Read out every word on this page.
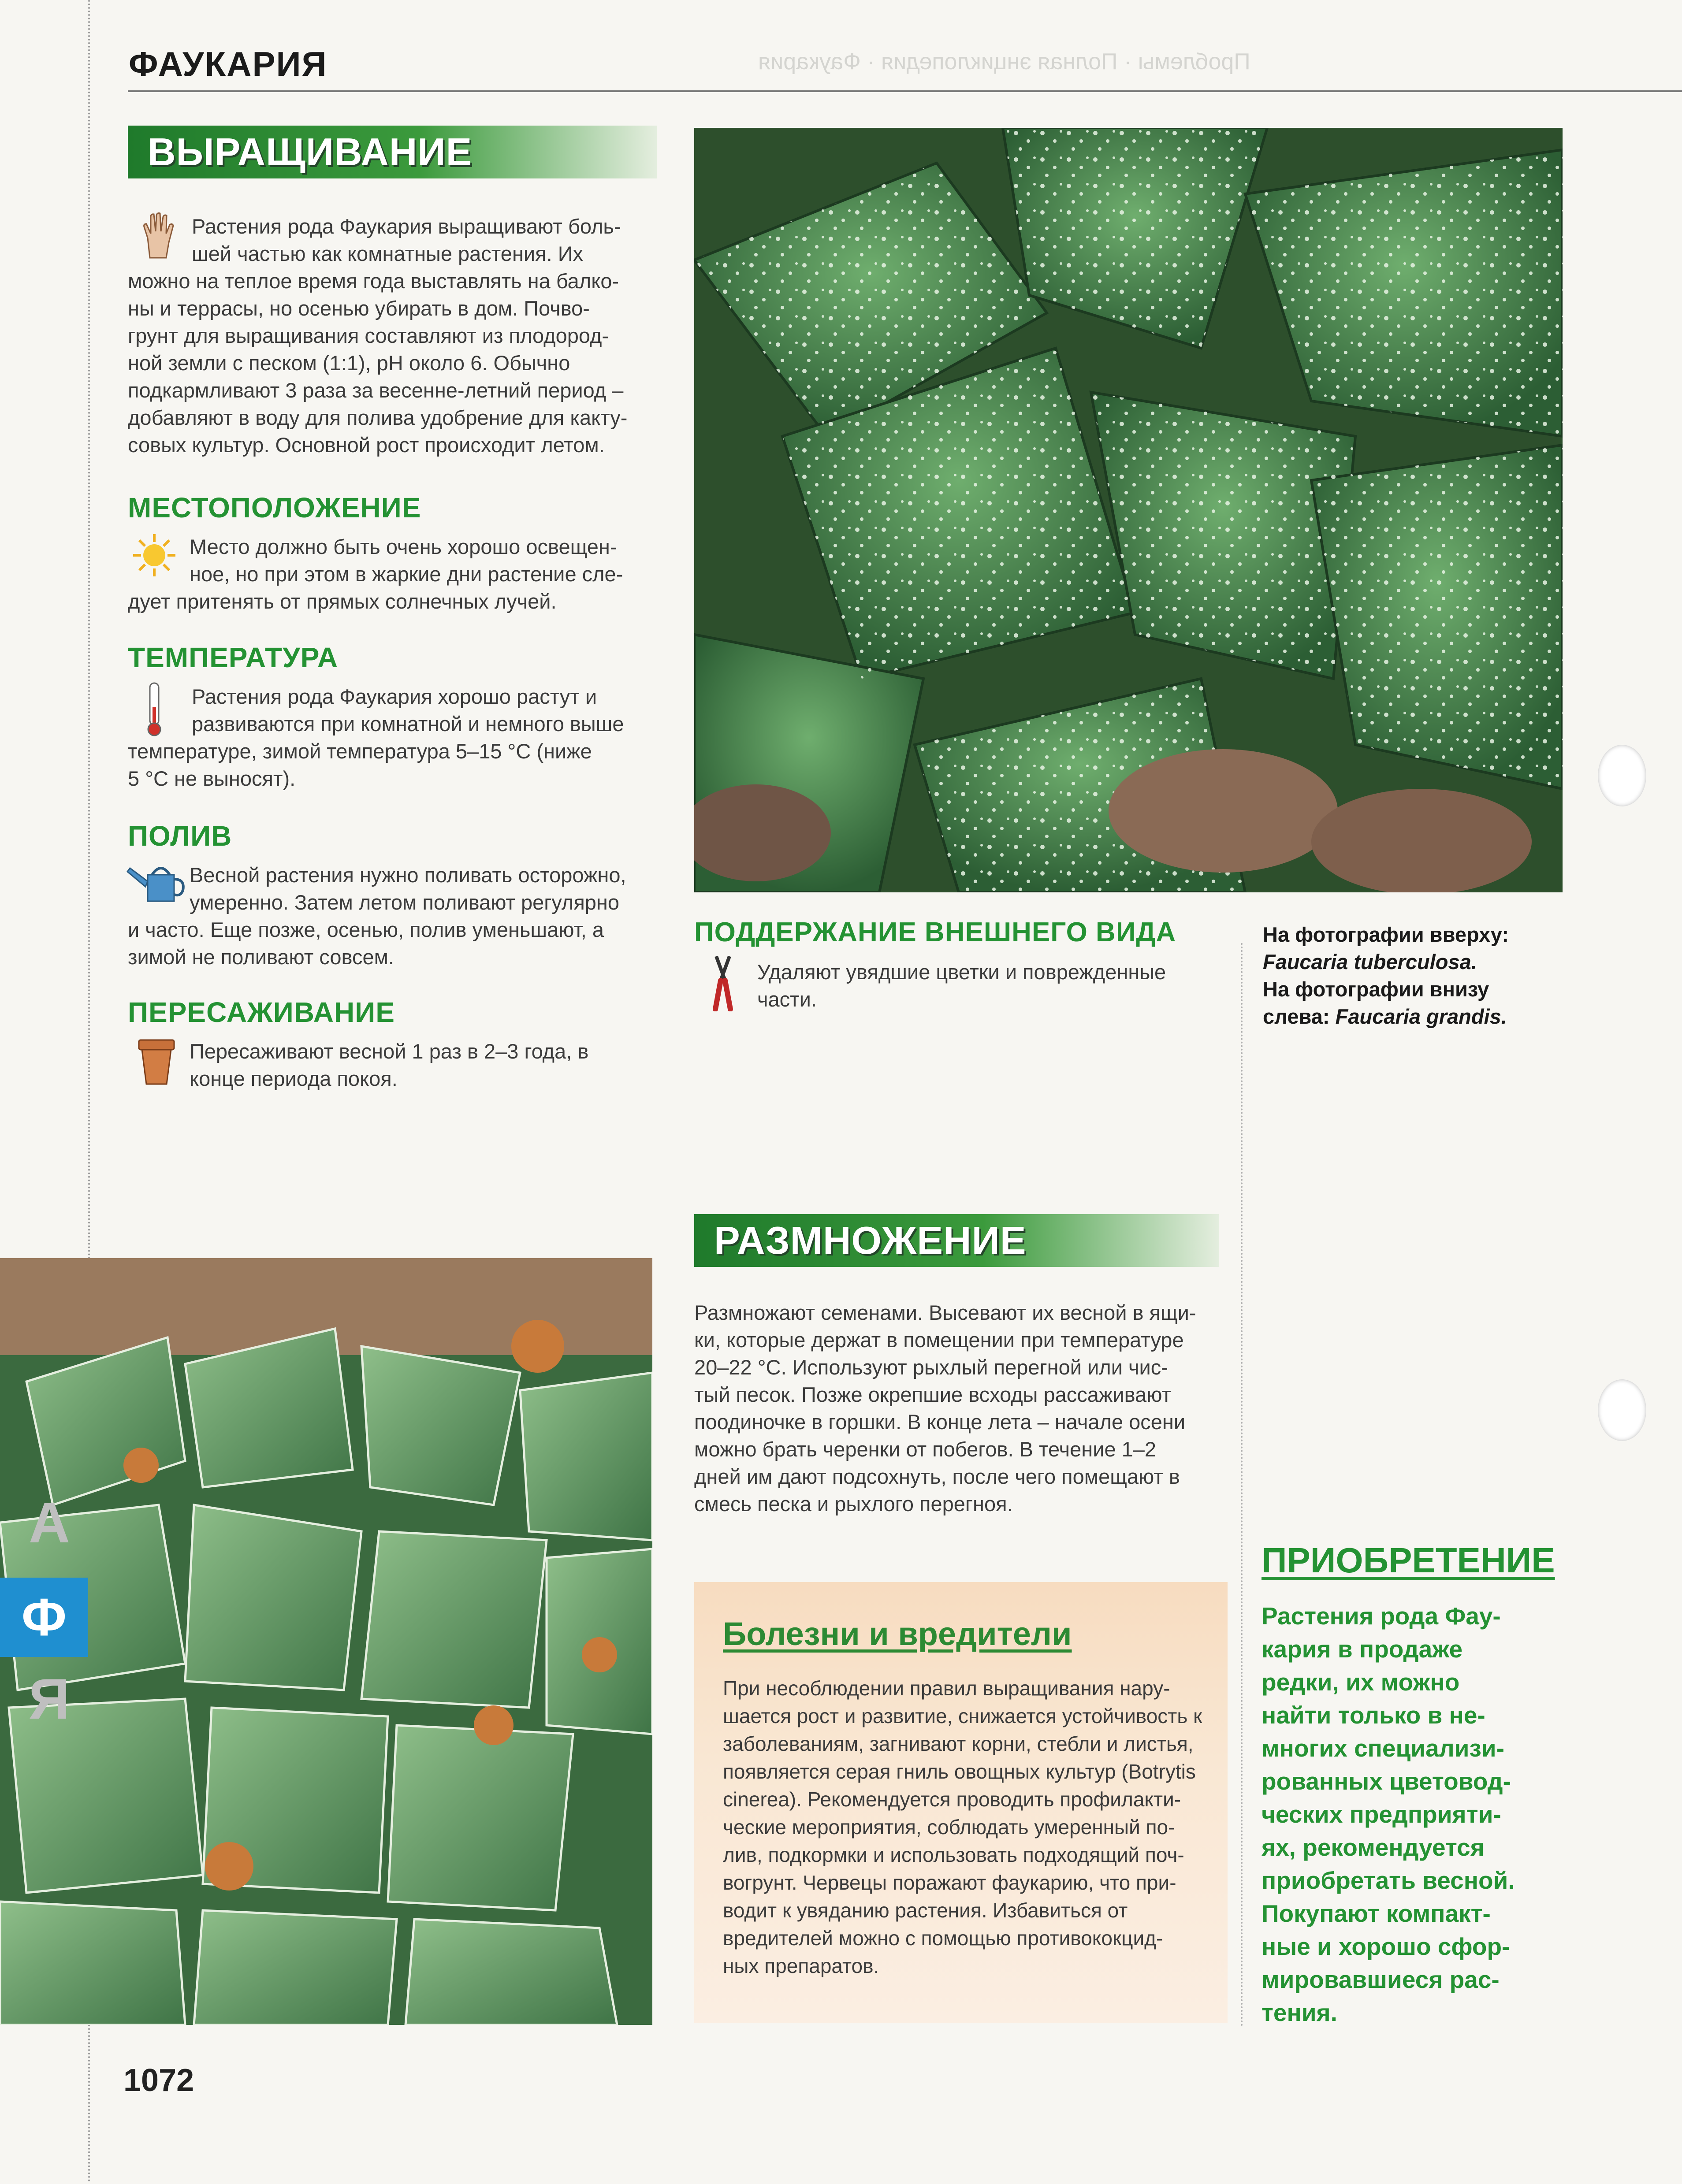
ФАУКАРИЯ	Проблемы · Полная энциклопедия · Фаукария
ВЫРАЩИВАНИЕ
Растения рода Фаукария выращивают боль-
шей частью как комнатные растения. Их
можно на теплое время года выставлять на балко-
ны и террасы, но осенью убирать в дом. Почво-
грунт для выращивания составляют из плодород-
ной земли с песком (1:1), рН около 6. Обычно
подкармливают 3 раза за весенне-летний период –
добавляют в воду для полива удобрение для какту-
совых культур. Основной рост происходит летом.
МЕСТОПОЛОЖЕНИЕ
Место должно быть очень хорошо освещен-
ное, но при этом в жаркие дни растение сле-
дует притенять от прямых солнечных лучей.
ТЕМПЕРАТУРА
Растения рода Фаукария хорошо растут и
развиваются при комнатной и немного выше
температуре, зимой температура 5–15 °С (ниже
5 °С не выносят).
ПОЛИВ
Весной растения нужно поливать осторожно,
умеренно. Затем летом поливают регулярно
и часто. Еще позже, осенью, полив уменьшают, а
зимой не поливают совсем.
ПЕРЕСАЖИВАНИЕ
Пересаживают весной 1 раз в 2–3 года, в
конце периода покоя.
ПОДДЕРЖАНИЕ ВНЕШНЕГО ВИДА
Удаляют увядшие цветки и поврежденные
части.
На фотографии вверху:
Faucaria tuberculosa.
На фотографии внизу
слева: Faucaria grandis.
А
Ф
Я
РАЗМНОЖЕНИЕ
Размножают семенами. Высевают их весной в ящи-
ки, которые держат в помещении при температуре
20–22 °С. Используют рыхлый перегной или чис-
тый песок. Позже окрепшие всходы рассаживают
поодиночке в горшки. В конце лета – начале осени
можно брать черенки от побегов. В течение 1–2
дней им дают подсохнуть, после чего помещают в
смесь песка и рыхлого перегноя.
Болезни и вредители
При несоблюдении правил выращивания нару-
шается рост и развитие, снижается устойчивость к
заболеваниям, загнивают корни, стебли и листья,
появляется серая гниль овощных культур (Botrytis
cinerea). Рекомендуется проводить профилакти-
ческие мероприятия, соблюдать умеренный по-
лив, подкормки и использовать подходящий поч-
вогрунт. Червецы поражают фаукарию, что при-
водит к увяданию растения. Избавиться от
вредителей можно с помощью противококцид-
ных препаратов.
ПРИОБРЕТЕНИЕ
Растения рода Фау-
кария в продаже
редки, их можно
найти только в не-
многих специализи-
рованных цветовод-
ческих предприяти-
ях, рекомендуется
приобретать весной.
Покупают компакт-
ные и хорошо сфор-
мировавшиеся рас-
тения.
1072
